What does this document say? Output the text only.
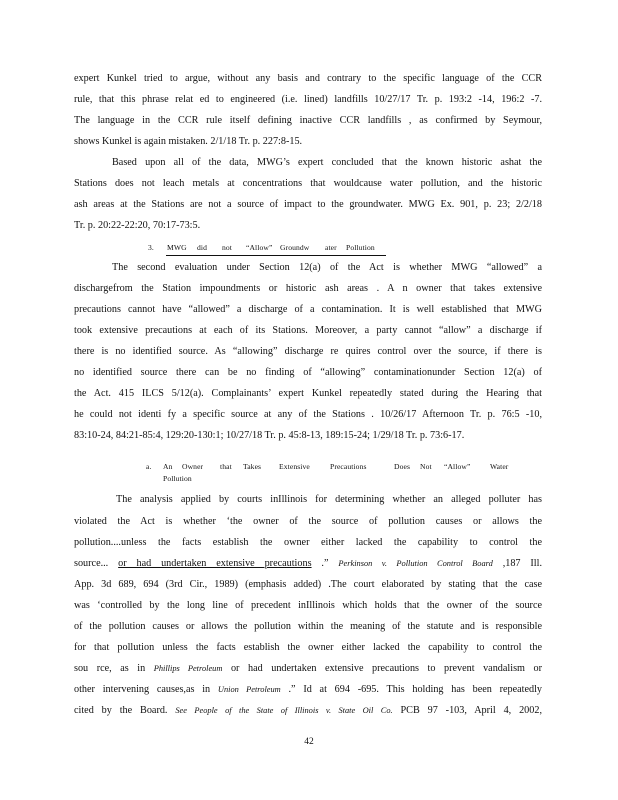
expert Kunkel tried to argue, without any basis and contrary to the specific language of the CCR
rule, that this phrase relat ed to engineered (i.e. lined) landfills 10/27/17 Tr. p. 193:2 -14, 196:2 -7.
The language in the CCR rule itself defining inactive CCR landfills , as confirmed by Seymour,
shows Kunkel is again mistaken. 2/1/18 Tr. p. 227:8-15.
Based upon all of the data, MWG’s expert concluded that the known historic ashat the
Stations does not leach metals at concentrations that wouldcause water pollution, and the historic
ash areas at the Stations are not a source of impact to the groundwater. MWG Ex. 901, p. 23; 2/2/18
Tr. p. 20:22-22:20, 70:17-73:5.
3. MWG did not “Allow” Groundw ater Pollution
The second evaluation under Section 12(a) of the Act is whether MWG “allowed” a
dischargefrom the Station impoundments or historic ash areas . A n owner that takes extensive
precautions cannot have “allowed” a discharge of a contamination. It is well established that MWG
took extensive precautions at each of its Stations. Moreover, a party cannot “allow” a discharge if
there is no identified source. As “allowing” discharge re quires control over the source, if there is
no identified source there can be no finding of “allowing” contaminationunder Section 12(a) of
the Act. 415 ILCS 5/12(a). Complainants’ expert Kunkel repeatedly stated during the Hearing that
he could not identi fy a specific source at any of the Stations . 10/26/17 Afternoon Tr. p. 76:5 -10,
83:10-24, 84:21-85:4, 129:20-130:1; 10/27/18 Tr. p. 45:8-13, 189:15-24; 1/29/18 Tr. p. 73:6-17.
a. An Owner that Takes Extensive	Precautions	Does Not “Allow”	Water
Pollution
The analysis applied by courts inIllinois for determining whether an alleged polluter has
violated the Act is whether ‘the owner of the source of pollution causes or allows the
pollution....unless the facts establish the owner either lacked the capability to control the
source... or had undertaken extensive precautions .” Perkinson v. Pollution Control Board ,187 Ill.
App. 3d 689, 694 (3rd Cir., 1989) (emphasis added) .The court elaborated by stating that the case
was ‘controlled by the long line of precedent inIllinois which holds that the owner of the source
of the pollution causes or allows the pollution within the meaning of the statute and is responsible
for that pollution unless the facts establish the owner either lacked the capability to control the
sou rce, as in Phillips Petroleum or had undertaken extensive precautions to prevent vandalism or
other intervening causes,as in Union Petroleum .” Id at 694 -695. This holding has been repeatedly
cited by the Board. See People of the State of Illinois v. State Oil Co. PCB 97 -103, April 4, 2002,
42
